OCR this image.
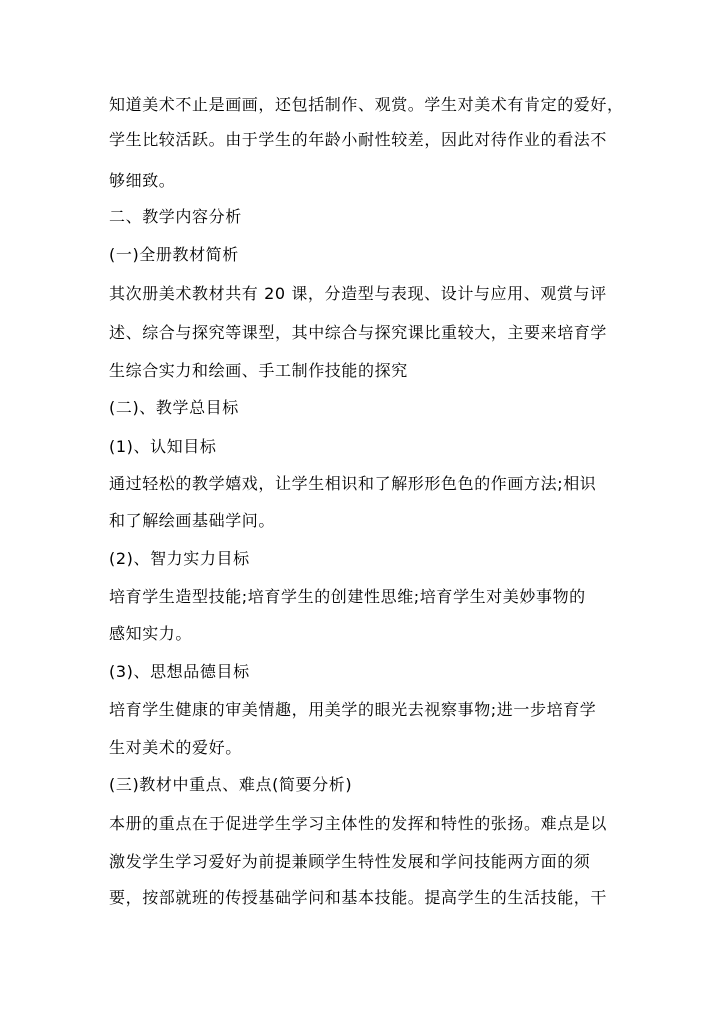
知道美术不止是画画，还包括制作、观赏。学生对美术有肯定的爱好，
学生比较活跃。由于学生的年龄小耐性较差，因此对待作业的看法不
够细致。
二、教学内容分析
(一)全册教材简析
其次册美术教材共有 20 课，分造型与表现、设计与应用、观赏与评
述、综合与探究等课型，其中综合与探究课比重较大，主要来培育学
生综合实力和绘画、手工制作技能的探究
(二)、教学总目标
(1)、认知目标
通过轻松的教学嬉戏，让学生相识和了解形形色色的作画方法;相识
和了解绘画基础学问。
(2)、智力实力目标
培育学生造型技能;培育学生的创建性思维;培育学生对美妙事物的
感知实力。
(3)、思想品德目标
培育学生健康的审美情趣，用美学的眼光去视察事物;进一步培育学
生对美术的爱好。
(三)教材中重点、难点(简要分析)
本册的重点在于促进学生学习主体性的发挥和特性的张扬。难点是以
激发学生学习爱好为前提兼顾学生特性发展和学问技能两方面的须
要，按部就班的传授基础学问和基本技能。提高学生的生活技能，干
